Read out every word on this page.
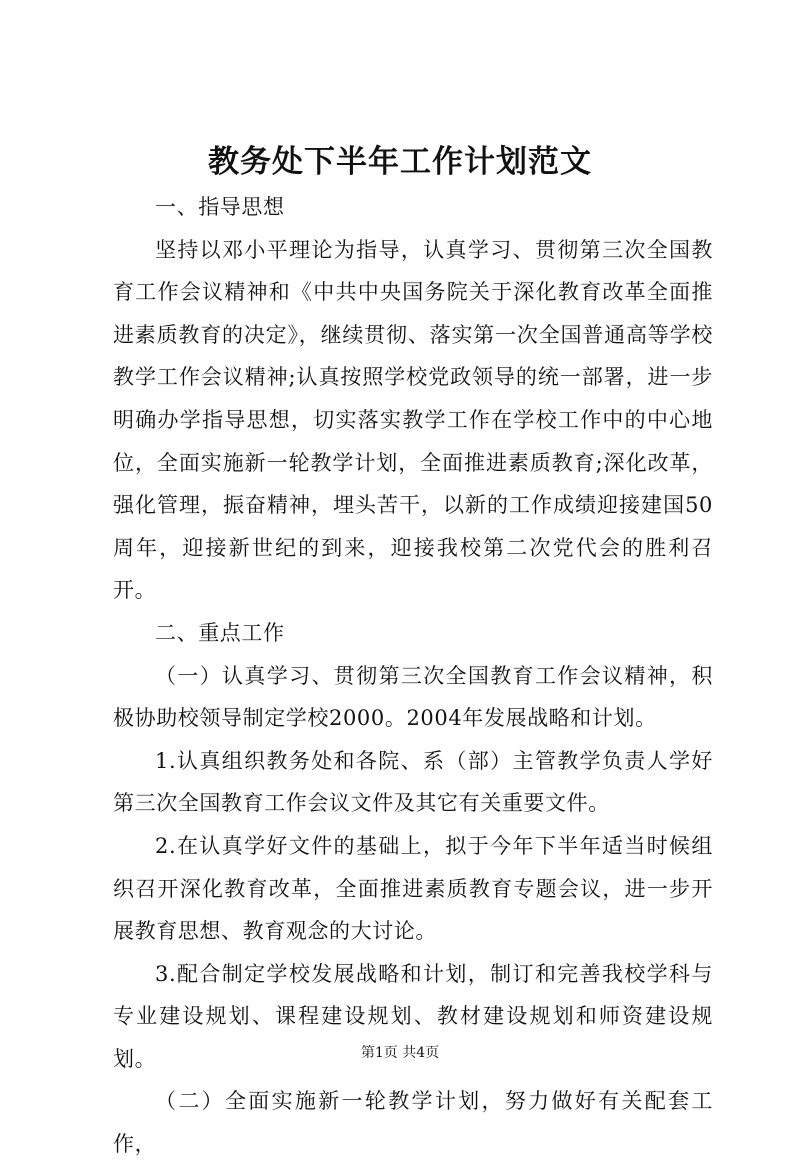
教务处下半年工作计划范文

一、指导思想

坚持以邓小平理论为指导，认真学习、贯彻第三次全国教育工作会议精神和《中共中央国务院关于深化教育改革全面推进素质教育的决定》，继续贯彻、落实第一次全国普通高等学校教学工作会议精神;认真按照学校党政领导的统一部署，进一步明确办学指导思想，切实落实教学工作在学校工作中的中心地位，全面实施新一轮教学计划，全面推进素质教育;深化改革，强化管理，振奋精神，埋头苦干，以新的工作成绩迎接建国50周年，迎接新世纪的到来，迎接我校第二次党代会的胜利召开。

二、重点工作

（一）认真学习、贯彻第三次全国教育工作会议精神，积极协助校领导制定学校2000。2004年发展战略和计划。

1.认真组织教务处和各院、系（部）主管教学负责人学好第三次全国教育工作会议文件及其它有关重要文件。

2.在认真学好文件的基础上，拟于今年下半年适当时候组织召开深化教育改革，全面推进素质教育专题会议，进一步开展教育思想、教育观念的大讨论。

3.配合制定学校发展战略和计划，制订和完善我校学科与专业建设规划、课程建设规划、教材建设规划和师资建设规划。

（二）全面实施新一轮教学计划，努力做好有关配套工作，

第1页 共4页
